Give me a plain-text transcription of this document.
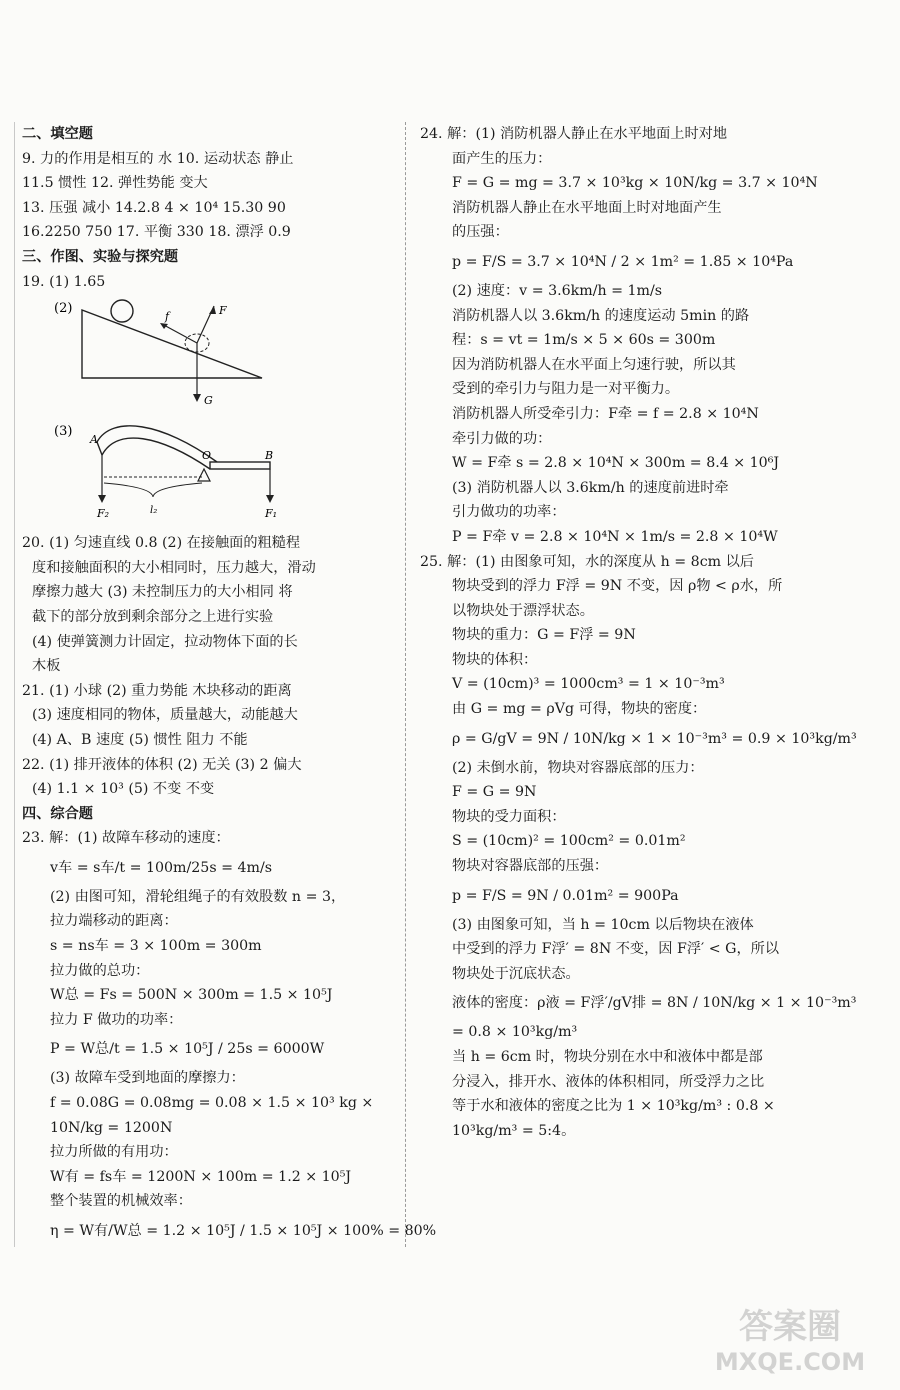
二、填空题
9. 力的作用是相互的 水 10. 运动状态 静止
11.5 惯性 12. 弹性势能 变大
13. 压强 减小 14.2.8 4 × 10⁴ 15.30 90
16.2250 750 17. 平衡 330 18. 漂浮 0.9
三、作图、实验与探究题
19. (1) 1.65
(2)	F
f
G
(3)
A
O	B
F₂	l₂	F₁
20. (1) 匀速直线 0.8 (2) 在接触面的粗糙程
度和接触面积的大小相同时，压力越大，滑动
摩擦力越大 (3) 未控制压力的大小相同 将
截下的部分放到剩余部分之上进行实验
(4) 使弹簧测力计固定，拉动物体下面的长
木板
21. (1) 小球 (2) 重力势能 木块移动的距离
(3) 速度相同的物体，质量越大，动能越大
(4) A、B 速度 (5) 惯性 阻力 不能
22. (1) 排开液体的体积 (2) 无关 (3) 2 偏大
(4) 1.1 × 10³ (5) 不变 不变
四、综合题
23. 解：(1) 故障车移动的速度：
v车 = s车/t = 100m/25s = 4m/s
(2) 由图可知，滑轮组绳子的有效股数 n = 3，
拉力端移动的距离：
s = ns车 = 3 × 100m = 300m
拉力做的总功：
W总 = Fs = 500N × 300m = 1.5 × 10⁵J
拉力 F 做功的功率：
P = W总/t = 1.5 × 10⁵J / 25s = 6000W
(3) 故障车受到地面的摩擦力：
f = 0.08G = 0.08mg = 0.08 × 1.5 × 10³ kg ×
10N/kg = 1200N
拉力所做的有用功：
W有 = fs车 = 1200N × 100m = 1.2 × 10⁵J
整个装置的机械效率：
η = W有/W总 = 1.2 × 10⁵J / 1.5 × 10⁵J × 100% = 80%
24. 解：(1) 消防机器人静止在水平地面上时对地
面产生的压力：
F = G = mg = 3.7 × 10³kg × 10N/kg = 3.7 × 10⁴N
消防机器人静止在水平地面上时对地面产生
的压强：
p = F/S = 3.7 × 10⁴N / 2 × 1m² = 1.85 × 10⁴Pa
(2) 速度：v = 3.6km/h = 1m/s
消防机器人以 3.6km/h 的速度运动 5min 的路
程：s = vt = 1m/s × 5 × 60s = 300m
因为消防机器人在水平面上匀速行驶，所以其
受到的牵引力与阻力是一对平衡力。
消防机器人所受牵引力：F牵 = f = 2.8 × 10⁴N
牵引力做的功：
W = F牵 s = 2.8 × 10⁴N × 300m = 8.4 × 10⁶J
(3) 消防机器人以 3.6km/h 的速度前进时牵
引力做功的功率：
P = F牵 v = 2.8 × 10⁴N × 1m/s = 2.8 × 10⁴W
25. 解：(1) 由图象可知，水的深度从 h = 8cm 以后
物块受到的浮力 F浮 = 9N 不变，因 ρ物 < ρ水，所
以物块处于漂浮状态。
物块的重力：G = F浮 = 9N
物块的体积：
V = (10cm)³ = 1000cm³ = 1 × 10⁻³m³
由 G = mg = ρVg 可得，物块的密度：
ρ = G/gV = 9N / 10N/kg × 1 × 10⁻³m³ = 0.9 × 10³kg/m³
(2) 未倒水前，物块对容器底部的压力：
F = G = 9N
物块的受力面积：
S = (10cm)² = 100cm² = 0.01m²
物块对容器底部的压强：
p = F/S = 9N / 0.01m² = 900Pa
(3) 由图象可知，当 h = 10cm 以后物块在液体
中受到的浮力 F浮′ = 8N 不变，因 F浮′ < G，所以
物块处于沉底状态。
液体的密度：ρ液 = F浮′/gV排 = 8N / 10N/kg × 1 × 10⁻³m³
= 0.8 × 10³kg/m³
当 h = 6cm 时，物块分别在水中和液体中都是部
分浸入，排开水、液体的体积相同，所受浮力之比
等于水和液体的密度之比为 1 × 10³kg/m³ : 0.8 ×
10³kg/m³ = 5:4。
答案圈
MXQE.COM
